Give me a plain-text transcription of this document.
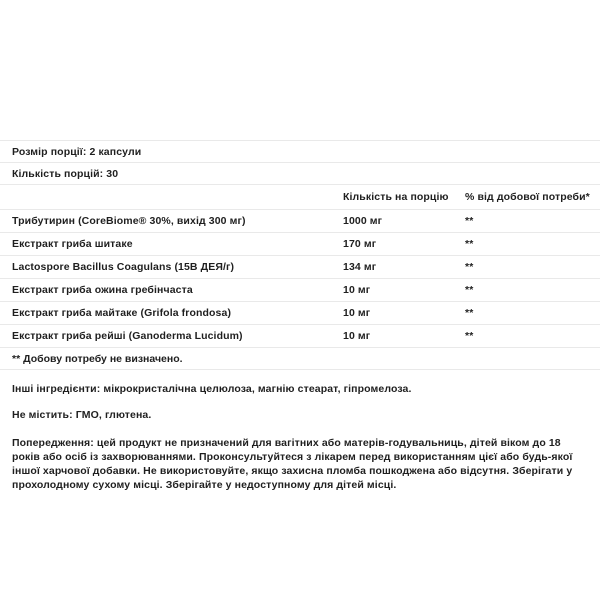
Розмір порції: 2 капсули
Кількість порцій: 30
	Кількість на порцію	% від добової потреби*
Трибутирин (CoreBiome® 30%, вихід 300 мг)	1000 мг	**
Екстракт гриба шитаке	170 мг	**
Lactospore Bacillus Coagulans (15В ДЕЯ/г)	134 мг	**
Екстракт гриба ожина гребінчаста	10 мг	**
Екстракт гриба майтаке (Grifola frondosa)	10 мг	**
Екстракт гриба рейші (Ganoderma Lucidum)	10 мг	**
** Добову потребу не визначено.
Інші інгредієнти: мікрокристалічна целюлоза, магнію стеарат, гіпромелоза.
Не містить: ГМО, глютена.
Попередження: цей продукт не призначений для вагітних або матерів-годувальниць, дітей віком до 18 років або осіб із захворюваннями. Проконсультуйтеся з лікарем перед використанням цієї або будь-якої іншої харчової добавки. Не використовуйте, якщо захисна пломба пошкоджена або відсутня. Зберігати у прохолодному сухому місці. Зберігайте у недоступному для дітей місці.
